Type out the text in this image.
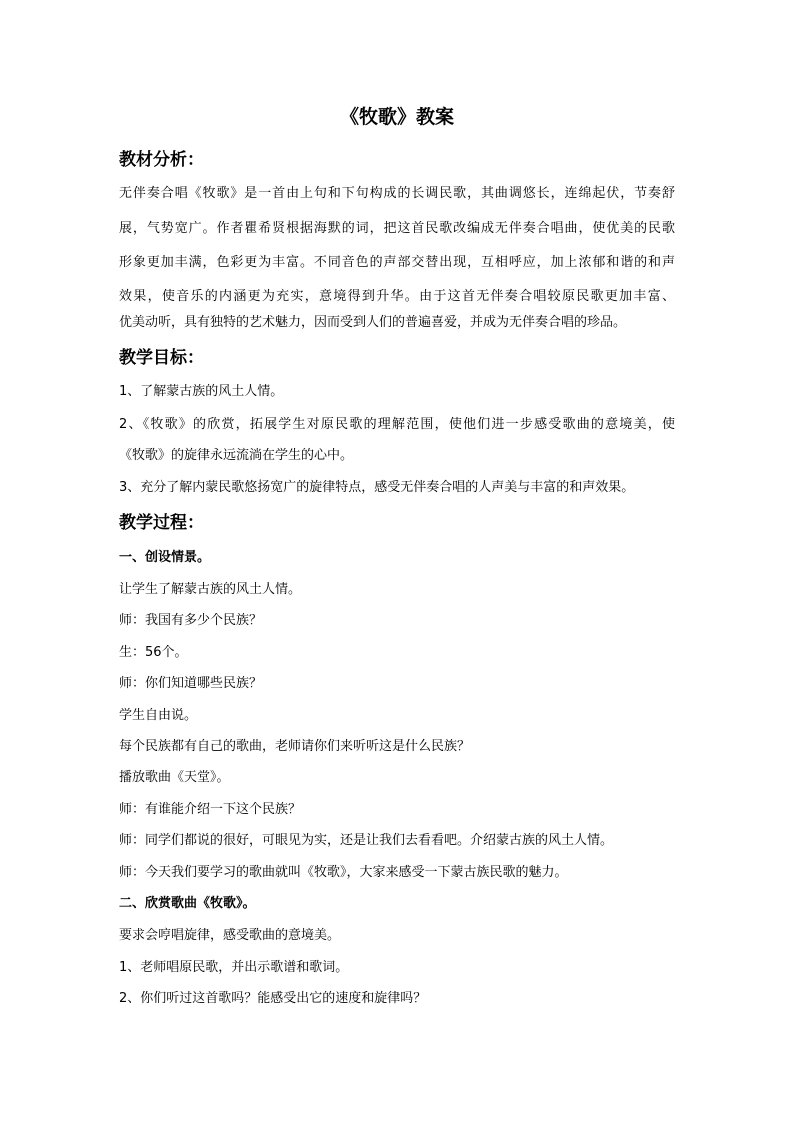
《牧歌》教案
教材分析：

无伴奏合唱《牧歌》是一首由上句和下句构成的长调民歌，其曲调悠长，连绵起伏，节奏舒

展，气势宽广。作者瞿希贤根据海默的词，把这首民歌改编成无伴奏合唱曲，使优美的民歌

形象更加丰满，色彩更为丰富。不同音色的声部交替出现，互相呼应，加上浓郁和谐的和声

效果，使音乐的内涵更为充实，意境得到升华。由于这首无伴奏合唱较原民歌更加丰富、

优美动听，具有独特的艺术魅力，因而受到人们的普遍喜爱，并成为无伴奏合唱的珍品。

教学目标：

1、了解蒙古族的风土人情。

2、《牧歌》的欣赏，拓展学生对原民歌的理解范围，使他们进一步感受歌曲的意境美，使

《牧歌》的旋律永远流淌在学生的心中。

3、充分了解内蒙民歌悠扬宽广的旋律特点，感受无伴奏合唱的人声美与丰富的和声效果。

教学过程：
一、创设情景。

让学生了解蒙古族的风土人情。

师：我国有多少个民族？

生：56个。

师：你们知道哪些民族？

学生自由说。

每个民族都有自己的歌曲，老师请你们来听听这是什么民族？

播放歌曲《天堂》。

师：有谁能介绍一下这个民族？

师：同学们都说的很好，可眼见为实，还是让我们去看看吧。介绍蒙古族的风土人情。

师：今天我们要学习的歌曲就叫《牧歌》，大家来感受一下蒙古族民歌的魅力。

二、欣赏歌曲《牧歌》。

要求会哼唱旋律，感受歌曲的意境美。

1、老师唱原民歌，并出示歌谱和歌词。

2、你们听过这首歌吗？能感受出它的速度和旋律吗？
